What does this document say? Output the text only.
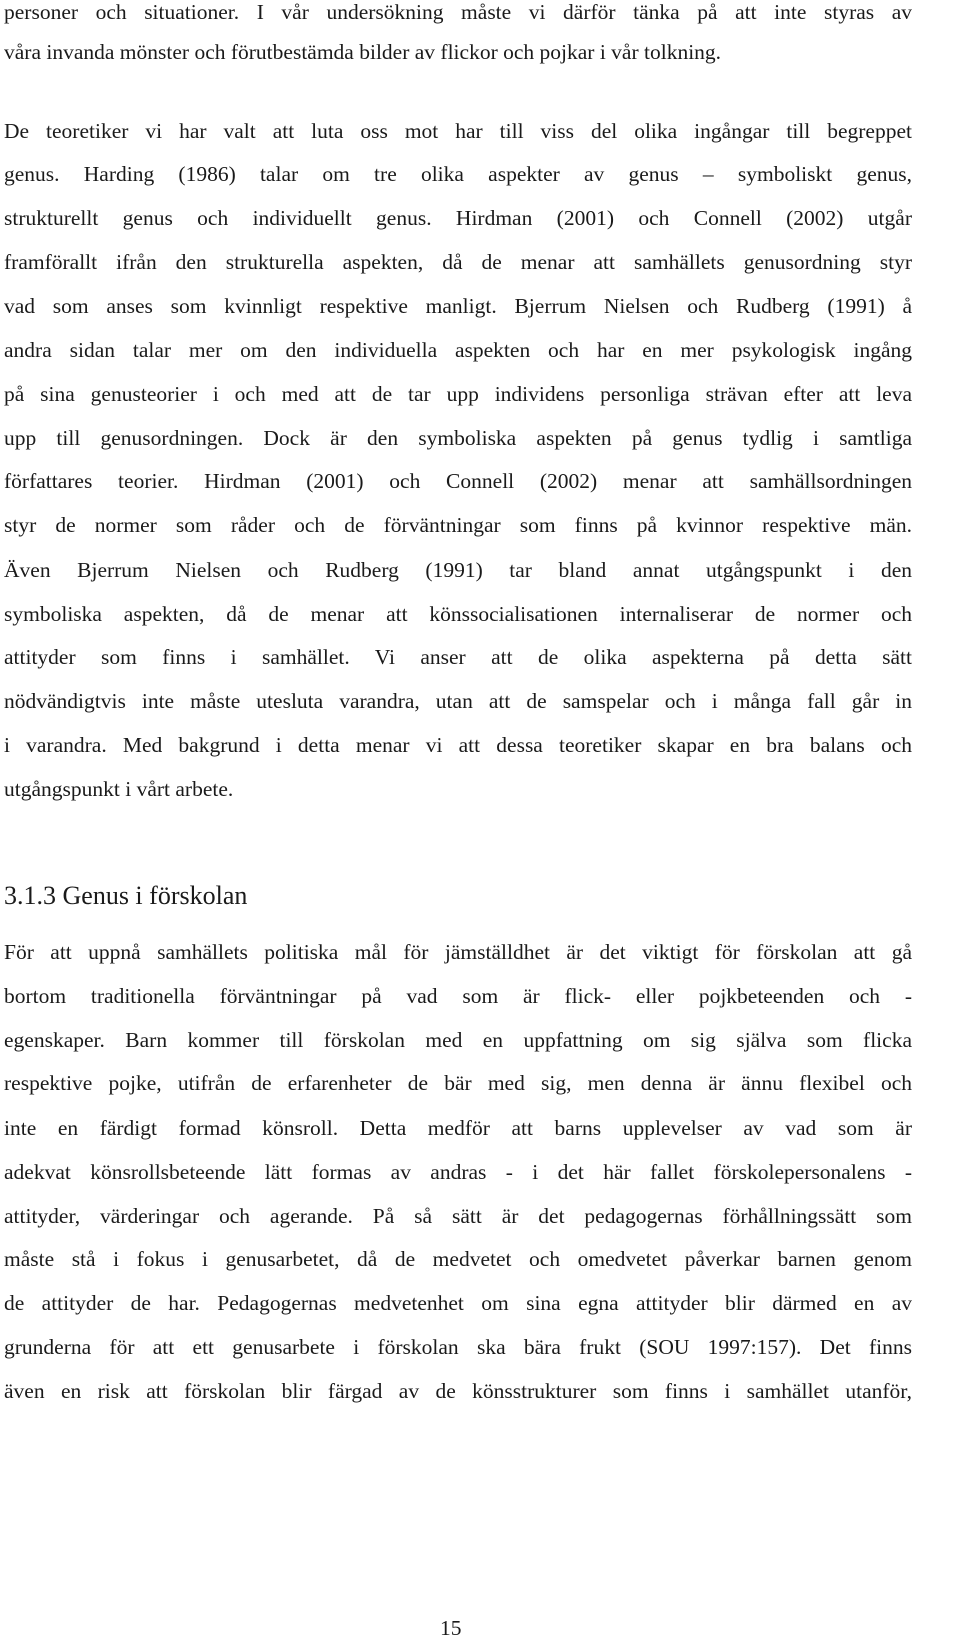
personer och situationer. I vår undersökning måste vi därför tänka på att inte styras av
våra invanda mönster och förutbestämda bilder av flickor och pojkar i vår tolkning.
De teoretiker vi har valt att luta oss mot har till viss del olika ingångar till begreppet
genus. Harding (1986) talar om tre olika aspekter av genus – symboliskt genus,
strukturellt genus och individuellt genus. Hirdman (2001) och Connell (2002) utgår
framförallt ifrån den strukturella aspekten, då de menar att samhällets genusordning styr
vad som anses som kvinnligt respektive manligt. Bjerrum Nielsen och Rudberg (1991) å
andra sidan talar mer om den individuella aspekten och har en mer psykologisk ingång
på sina genusteorier i och med att de tar upp individens personliga strävan efter att leva
upp till genusordningen. Dock är den symboliska aspekten på genus tydlig i samtliga
författares teorier. Hirdman (2001) och Connell (2002) menar att samhällsordningen
styr de normer som råder och de förväntningar som finns på kvinnor respektive män.
Även Bjerrum Nielsen och Rudberg (1991) tar bland annat utgångspunkt i den
symboliska aspekten, då de menar att könssocialisationen internaliserar de normer och
attityder som finns i samhället. Vi anser att de olika aspekterna på detta sätt
nödvändigtvis inte måste utesluta varandra, utan att de samspelar och i många fall går in
i varandra. Med bakgrund i detta menar vi att dessa teoretiker skapar en bra balans och
utgångspunkt i vårt arbete.
3.1.3 Genus i förskolan
För att uppnå samhällets politiska mål för jämställdhet är det viktigt för förskolan att gå
bortom traditionella förväntningar på vad som är flick- eller pojkbeteenden och -
egenskaper. Barn kommer till förskolan med en uppfattning om sig själva som flicka
respektive pojke, utifrån de erfarenheter de bär med sig, men denna är ännu flexibel och
inte en färdigt formad könsroll. Detta medför att barns upplevelser av vad som är
adekvat könsrollsbeteende lätt formas av andras - i det här fallet förskolepersonalens -
attityder, värderingar och agerande. På så sätt är det pedagogernas förhållningssätt som
måste stå i fokus i genusarbetet, då de medvetet och omedvetet påverkar barnen genom
de attityder de har. Pedagogernas medvetenhet om sina egna attityder blir därmed en av
grunderna för att ett genusarbete i förskolan ska bära frukt (SOU 1997:157). Det finns
även en risk att förskolan blir färgad av de könsstrukturer som finns i samhället utanför,
15
